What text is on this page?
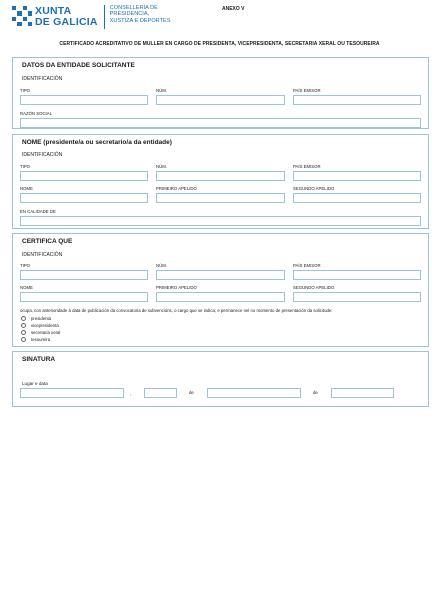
XUNTA
DE GALICIA
CONSELLERÍA DE
PRESIDENCIA,
XUSTIZA E DEPORTES
ANEXO V
CERTIFICADO ACREDITATIVO DE MULLER EN CARGO DE PRESIDENTA, VICEPRESIDENTA, SECRETARIA XERAL OU TESOUREIRA
DATOS DA ENTIDADE SOLICITANTE
IDENTIFICACIÓN
TIPO	NÚM.	PAÍS EMISOR
RAZÓN SOCIAL
NOME (presidente/a ou secretario/a da entidade)
IDENTIFICACIÓN
TIPO	NÚM.	PAÍS EMISOR
NOME	PRIMEIRO APELIDO	SEGUNDO APELIDO
EN CALIDADE DE
CERTIFICA QUE
IDENTIFICACIÓN
TIPO	NÚM.	PAÍS EMISOR
NOME	PRIMEIRO APELIDO	SEGUNDO APELIDO
ocupa, con anterioridade á data de publicación da convocatoria de subvencións, o cargo que se indica, e permanece nel no momento de presentación da solicitude:
presidenta
vicepresidenta
secretaria xeral
tesoureira
SINATURA
Lugar e data
,	de	de
